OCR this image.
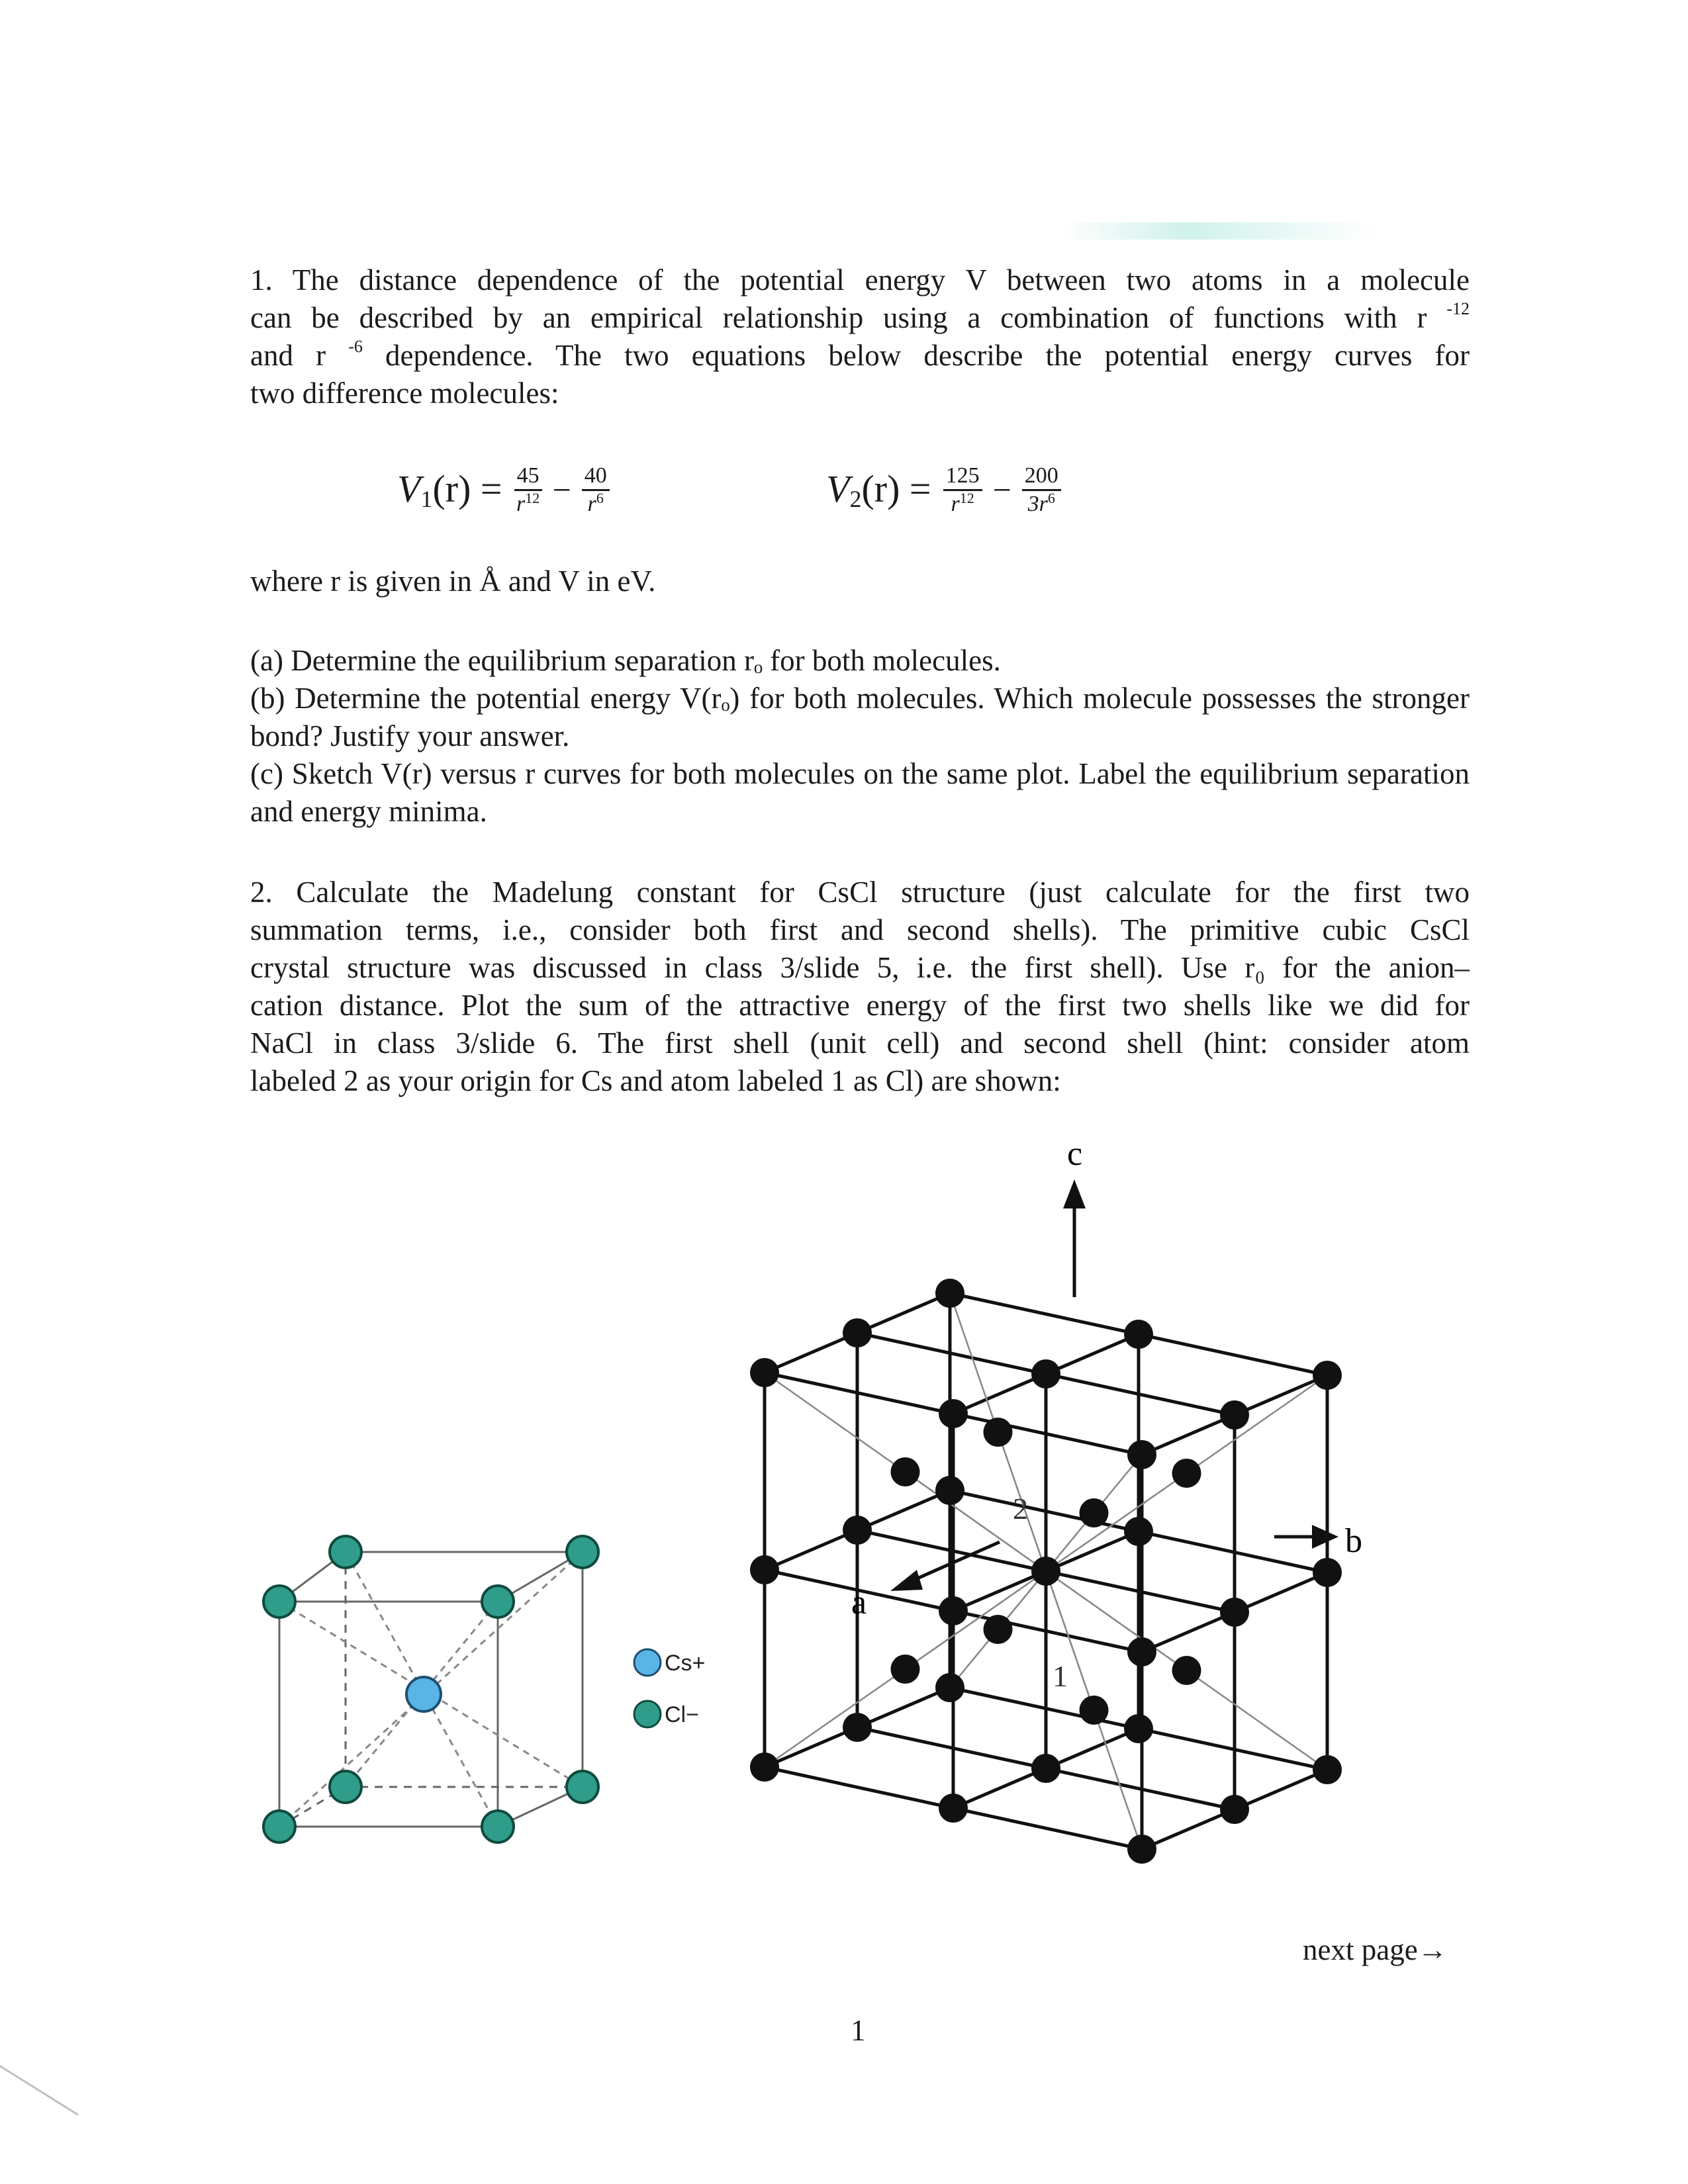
1. The distance dependence of the potential energy V between two atoms in a molecule
can be described by an empirical relationship using a combination of functions with r $^{-12}$
and r $^{-6}$ dependence. The two equations below describe the potential energy curves for
two difference molecules:
$V_1(r) = \frac{45}{r^{12}} - \frac{40}{r^6}$	$V_2(r) = \frac{125}{r^{12}} - \frac{200}{3r^6}$
where r is given in Å and V in eV.

(a) Determine the equilibrium separation rₒ for both molecules.

(b) Determine the potential energy V(rₒ) for both molecules. Which molecule possesses the stronger bond? Justify your answer.

(c) Sketch V(r) versus r curves for both molecules on the same plot. Label the equilibrium separation and energy minima.

2. Calculate the Madelung constant for CsCl structure (just calculate for the first two
summation terms, i.e., consider both first and second shells). The primitive cubic CsCl
crystal structure was discussed in class 3/slide 5, i.e. the first shell). Use r₀ for the anion–
cation distance. Plot the sum of the attractive energy of the first two shells like we did for
NaCl in class 3/slide 6. The first shell (unit cell) and second shell (hint: consider atom
labeled 2 as your origin for Cs and atom labeled 1 as Cl) are shown:
Cs+
Cl−
c
a
b
2
1
next page→
1
